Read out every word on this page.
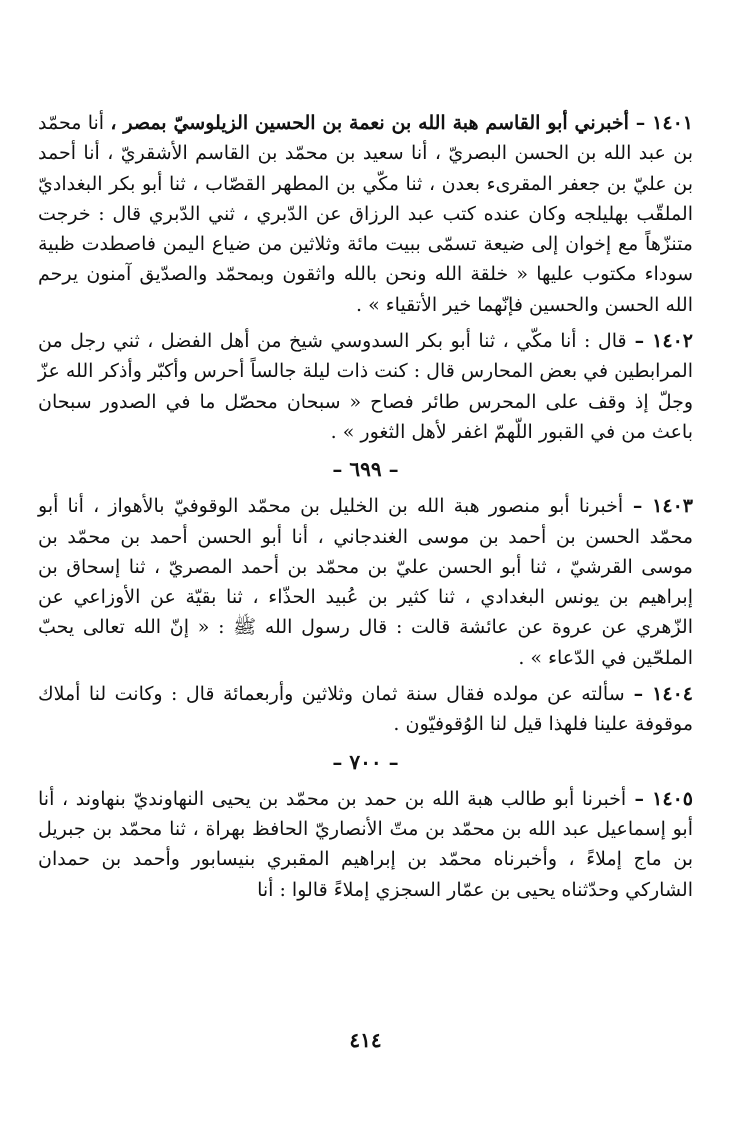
١٤٠١ – أخبرني أبو القاسم هبة الله بن نعمة بن الحسين الزيلوسيّ بمصر ، أنا محمّد بن عبد الله بن الحسن البصريّ ، أنا سعيد بن محمّد بن القاسم الأشقريّ ، أنا أحمد بن عليّ بن جعفر المقرىء بعدن ، ثنا مكّي بن المطهر القصّاب ، ثنا أبو بكر البغداديّ الملقّب بهليلجه وكان عنده كتب عبد الرزاق عن الدّبري ، ثني الدّبري قال : خرجت متنزّهاً مع إخوان إلى ضيعة تسمّى ببيت مائة وثلاثين من ضياع اليمن فاصطدت ظبية سوداء مكتوب عليها « خلقة الله ونحن بالله واثقون وبمحمّد والصدّيق آمنون يرحم الله الحسن والحسين فإنّهما خير الأتقياء » .

١٤٠٢ – قال : أنا مكّي ، ثنا أبو بكر السدوسي شيخ من أهل الفضل ، ثني رجل من المرابطين في بعض المحارس قال : كنت ذات ليلة جالساً أحرس وأكبّر وأذكر الله عزّ وجلّ إذ وقف على المحرس طائر فصاح « سبحان محصّل ما في الصدور سبحان باعث من في القبور اللّهمّ اغفر لأهل الثغور » .

– ٦٩٩ –

١٤٠٣ – أخبرنا أبو منصور هبة الله بن الخليل بن محمّد الوقوفيّ بالأهواز ، أنا أبو محمّد الحسن بن أحمد بن موسى الغندجاني ، أنا أبو الحسن أحمد بن محمّد بن موسى القرشيّ ، ثنا أبو الحسن عليّ بن محمّد بن أحمد المصريّ ، ثنا إسحاق بن إبراهيم بن يونس البغدادي ، ثنا كثير بن عُبيد الحذّاء ، ثنا بقيّة عن الأوزاعي عن الزّهري عن عروة عن عائشة قالت : قال رسول الله ﷺ : « إنّ الله تعالى يحبّ الملحّين في الدّعاء » .

١٤٠٤ – سألته عن مولده فقال سنة ثمان وثلاثين وأربعمائة قال : وكانت لنا أملاك موقوفة علينا فلهذا قيل لنا الوُقوفيّون .

– ٧٠٠ –

١٤٠٥ – أخبرنا أبو طالب هبة الله بن حمد بن محمّد بن يحيى النهاونديّ بنهاوند ، أنا أبو إسماعيل عبد الله بن محمّد بن متّ الأنصاريّ الحافظ بهراة ، ثنا محمّد بن جبريل بن ماج إملاءً ، وأخبرناه محمّد بن إبراهيم المقبري بنيسابور وأحمد بن حمدان الشاركي وحدّثناه يحيى بن عمّار السجزي إملاءً قالوا : أنا

٤١٤
